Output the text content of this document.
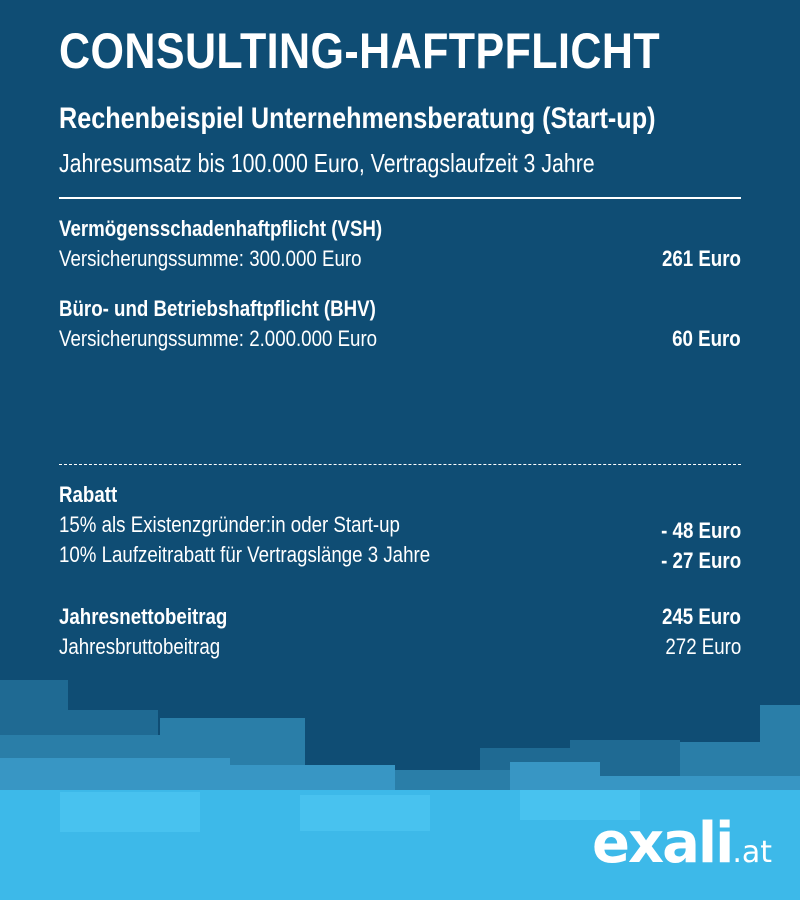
CONSULTING-HAFTPFLICHT
Rechenbeispiel Unternehmensberatung (Start-up)

Jahresumsatz bis 100.000 Euro, Vertragslaufzeit 3 Jahre

Vermögensschadenhaftpflicht (VSH)
Versicherungssumme: 300.000 Euro	261 Euro
Büro- und Betriebshaftpflicht (BHV)
Versicherungssumme: 2.000.000 Euro	60 Euro
Rabatt
15% als Existenzgründer:in oder Start-up	- 48 Euro
10% Laufzeitrabatt für Vertragslänge 3 Jahre	- 27 Euro
Jahresnettobeitrag	245 Euro
Jahresbruttobeitrag	272 Euro
exali.at
